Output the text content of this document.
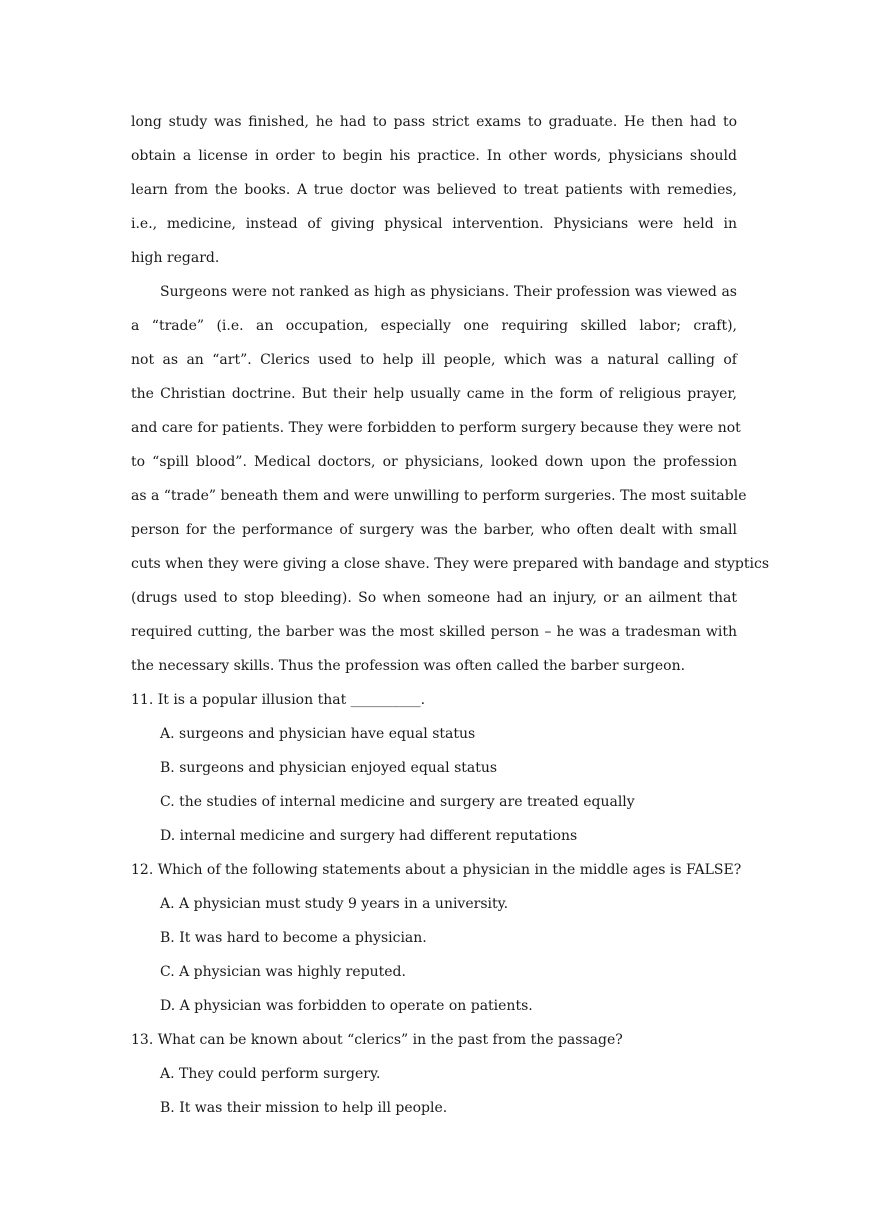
long study was finished, he had to pass strict exams to graduate. He then had to
obtain a license in order to begin his practice. In other words, physicians should
learn from the books. A true doctor was believed to treat patients with remedies,
i.e., medicine, instead of giving physical intervention. Physicians were held in
high regard.
Surgeons were not ranked as high as physicians. Their profession was viewed as
a “trade” (i.e. an occupation, especially one requiring skilled labor; craft),
not as an “art”. Clerics used to help ill people, which was a natural calling of
the Christian doctrine. But their help usually came in the form of religious prayer,
and care for patients. They were forbidden to perform surgery because they were not
to “spill blood”. Medical doctors, or physicians, looked down upon the profession
as a “trade” beneath them and were unwilling to perform surgeries. The most suitable
person for the performance of surgery was the barber, who often dealt with small
cuts when they were giving a close shave. They were prepared with bandage and styptics
(drugs used to stop bleeding). So when someone had an injury, or an ailment that
required cutting, the barber was the most skilled person – he was a tradesman with
the necessary skills. Thus the profession was often called the barber surgeon.
11. It is a popular illusion that __________.
A. surgeons and physician have equal status
B. surgeons and physician enjoyed equal status
C. the studies of internal medicine and surgery are treated equally
D. internal medicine and surgery had different reputations
12. Which of the following statements about a physician in the middle ages is FALSE?
A. A physician must study 9 years in a university.
B. It was hard to become a physician.
C. A physician was highly reputed.
D. A physician was forbidden to operate on patients.
13. What can be known about “clerics” in the past from the passage?
A. They could perform surgery.
B. It was their mission to help ill people.
